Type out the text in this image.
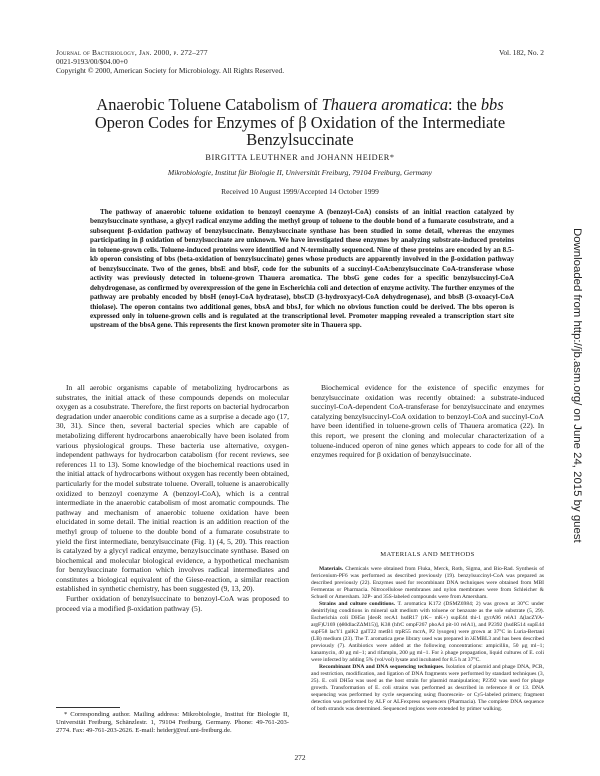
Journal of Bacteriology, Jan. 2000, p. 272–277
0021-9193/00/$04.00+0
Copyright © 2000, American Society for Microbiology. All Rights Reserved.
Vol. 182, No. 2
Anaerobic Toluene Catabolism of Thauera aromatica: the bbs Operon Codes for Enzymes of β Oxidation of the Intermediate Benzylsuccinate
BIRGITTA LEUTHNER and JOHANN HEIDER*
Mikrobiologie, Institut für Biologie II, Universität Freiburg, 79104 Freiburg, Germany
Received 10 August 1999/Accepted 14 October 1999
The pathway of anaerobic toluene oxidation to benzoyl coenzyme A (benzoyl-CoA) consists of an initial reaction catalyzed by benzylsuccinate synthase, a glycyl radical enzyme adding the methyl group of toluene to the double bond of a fumarate cosubstrate, and a subsequent β-oxidation pathway of benzylsuccinate. Benzylsuccinate synthase has been studied in some detail, whereas the enzymes participating in β oxidation of benzylsuccinate are unknown. We have investigated these enzymes by analyzing substrate-induced proteins in toluene-grown cells. Toluene-induced proteins were identified and N-terminally sequenced. Nine of these proteins are encoded by an 8.5-kb operon consisting of bbs (beta-oxidation of benzylsuccinate) genes whose products are apparently involved in the β-oxidation pathway of benzylsuccinate. Two of the genes, bbsE and bbsF, code for the subunits of a succinyl-CoA:benzylsuccinate CoA-transferase whose activity was previously detected in toluene-grown Thauera aromatica. The bbsG gene codes for a specific benzylsuccinyl-CoA dehydrogenase, as confirmed by overexpression of the gene in Escherichia coli and detection of enzyme activity. The further enzymes of the pathway are probably encoded by bbsH (enoyl-CoA hydratase), bbsCD (3-hydroxyacyl-CoA dehydrogenase), and bbsB (3-oxoacyl-CoA thiolase). The operon contains two additional genes, bbsA and bbsJ, for which no obvious function could be derived. The bbs operon is expressed only in toluene-grown cells and is regulated at the transcriptional level. Promoter mapping revealed a transcription start site upstream of the bbsA gene. This represents the first known promoter site in Thauera spp.

In all aerobic organisms capable of metabolizing hydrocarbons as substrates, the initial attack of these compounds depends on molecular oxygen as a cosubstrate. Therefore, the first reports on bacterial hydrocarbon degradation under anaerobic conditions came as a surprise a decade ago (17, 30, 31). Since then, several bacterial species which are capable of metabolizing different hydrocarbons anaerobically have been isolated from various physiological groups. These bacteria use alternative, oxygen-independent pathways for hydrocarbon catabolism (for recent reviews, see references 11 to 13). Some knowledge of the biochemical reactions used in the initial attack of hydrocarbons without oxygen has recently been obtained, particularly for the model substrate toluene. Overall, toluene is anaerobically oxidized to benzoyl coenzyme A (benzoyl-CoA), which is a central intermediate in the anaerobic catabolism of most aromatic compounds. The pathway and mechanism of anaerobic toluene oxidation have been elucidated in some detail. The initial reaction is an addition reaction of the methyl group of toluene to the double bond of a fumarate cosubstrate to yield the first intermediate, benzylsuccinate (Fig. 1) (4, 5, 20). This reaction is catalyzed by a glycyl radical enzyme, benzylsuccinate synthase. Based on biochemical and molecular biological evidence, a hypothetical mechanism for benzylsuccinate formation which involves radical intermediates and constitutes a biological equivalent of the Giese-reaction, a similar reaction established in synthetic chemistry, has been suggested (9, 13, 20).

Further oxidation of benzylsuccinate to benzoyl-CoA was proposed to proceed via a modified β-oxidation pathway (5).

Biochemical evidence for the existence of specific enzymes for benzylsuccinate oxidation was recently obtained: a substrate-induced succinyl-CoA-dependent CoA-transferase for benzylsuccinate and enzymes catalyzing benzylsuccinyl-CoA oxidation to benzoyl-CoA and succinyl-CoA have been identified in toluene-grown cells of Thauera aromatica (22). In this report, we present the cloning and molecular characterization of a toluene-induced operon of nine genes which appears to code for all of the enzymes required for β oxidation of benzylsuccinate.

MATERIALS AND METHODS

Materials. Chemicals were obtained from Fluka, Merck, Roth, Sigma, and Bio-Rad. Synthesis of ferricenium-PF6 was performed as described previously (19). benzylsuccinyl-CoA was prepared as described previously (22). Enzymes used for recombinant DNA techniques were obtained from MBI Fermentas or Pharmacia. Nitrocellulose membranes and nylon membranes were from Schleicher & Schuell or Amersham. 32P- and 35S-labeled compounds were from Amersham.

Strains and culture conditions. T. aromatica K172 (DSMZ6984; 2) was grown at 30°C under denitrifying conditions in mineral salt medium with toluene or benzoate as the sole substrate (5, 29). Escherichia coli DH5α [deoR recA1 hsdR17 (rK− mK+) supE44 thi-1 gyrA96 relA1 Δ(lacZYA-argF)U169 (ϕ80dlacZΔM15)], K38 (hfrC ompF267 phoA4 pit-10 relA1), and P2392 (hsdR514 supE44 supF58 lacY1 galK2 galT22 metB1 trpR55 mcrA, P2 lysogen) were grown at 37°C in Luria-Bertani (LB) medium (23). The T. aromatica gene library used was prepared in λEMBL3 and has been described previously (7). Antibiotics were added at the following concentrations: ampicillin, 50 μg ml−1; kanamycin, 40 μg ml−1; and rifampin, 200 μg ml−1. For λ phage propagation, liquid cultures of E. coli were infected by adding 5% (vol/vol) lysate and incubated for 8.5 h at 37°C.

Recombinant DNA and DNA sequencing techniques. Isolation of plasmid and phage DNA, PCR, and restriction, modification, and ligation of DNA fragments were performed by standard techniques (3, 25). E. coli DH5α was used as the host strain for plasmid manipulation; P2392 was used for phage growth. Transformation of E. coli strains was performed as described in reference 8 or 13. DNA sequencing was performed by cycle sequencing using fluorescein- or Cy5-labeled primers; fragment detection was performed by ALF or ALFexpress sequencers (Pharmacia). The complete DNA sequence of both strands was determined. Sequenced regions were extended by primer walking.

* Corresponding author. Mailing address: Mikrobiologie, Institut für Biologie II, Universität Freiburg, Schänzlestr. 1, 79104 Freiburg, Germany. Phone: 49-761-203-2774. Fax: 49-761-203-2626. E-mail: heiderj@ruf.uni-freiburg.de.
272
Downloaded from http://jb.asm.org/ on June 24, 2015 by guest
